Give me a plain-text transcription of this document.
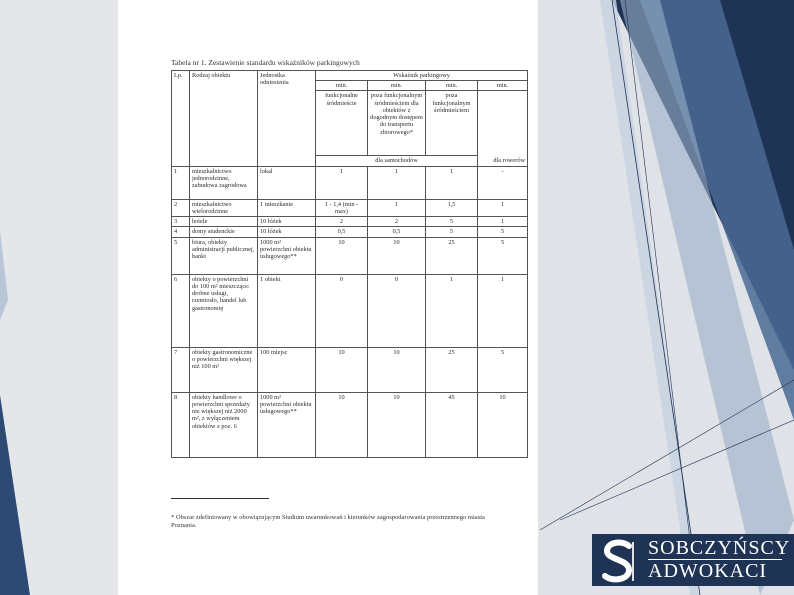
Tabela nr 1. Zestawienie standardu wskaźników parkingowych
Lp.	Rodzaj obiektu	Jednostka odniesienia	Wskaźnik parkingowy			
			min.	min.	min.	min.
			funkcjonalne śródmieście	poza funkcjonalnym śródmieściem dla obiektów z dogodnym dostępem do transportu zbiorowego*	poza funkcjonalnym śródmieściem	dla rowerów
			dla samochodów			
1	mieszkalnictwo jednorodzinne, zabudowa zagrodowa	lokal	1	1	1	-
2	mieszkalnictwo wielorodzinne	1 mieszkanie	1 - 1,4 (min - max)	1	1,5	1
3	hotele	10 łóżek	2	2	5	1
4	domy studenckie	10 łóżek	0,5	0,5	5	5
5	biura, obiekty administracji publicznej, banki	1000 m² powierzchni obiektu usługowego**	10	10	25	5
6	obiekty o powierzchni do 100 m² mieszczące: drobne usługi, rzemiosło, handel lub gastronomię	1 obiekt	0	0	1	1
7	obiekty gastronomiczne o powierzchni większej niż 100 m²	100 miejsc	10	10	25	5
8	obiekty handlowe o powierzchni sprzedaży nie większej niż 2000 m², z wyłączeniem obiektów z poz. 6	1000 m² powierzchni obiektu usługowego**	10	10	45	10
* Obszar zdefiniowany w obowiązującym Studium uwarunkowań i kierunków zagospodarowania przestrzennego miasta Poznania.
SOBCZYŃSCY
ADWOKACI
